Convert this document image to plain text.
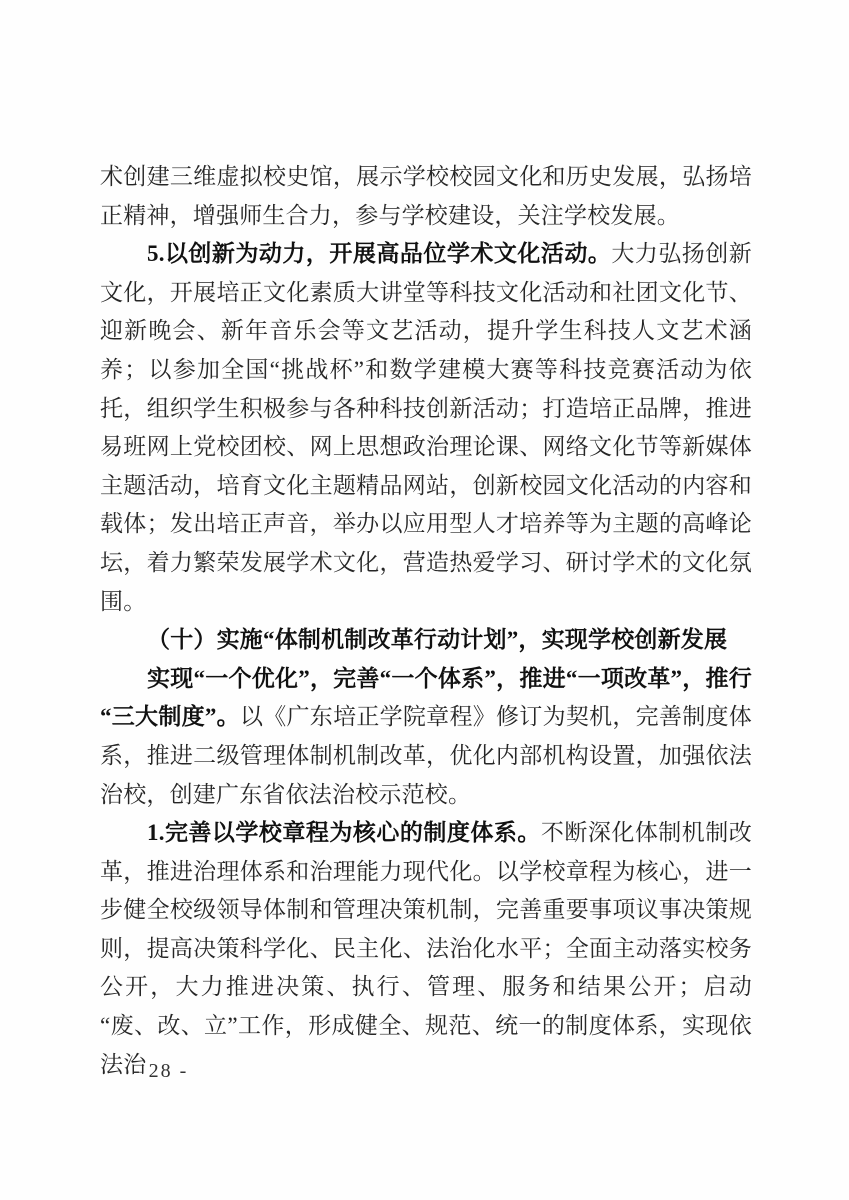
术创建三维虚拟校史馆，展示学校校园文化和历史发展，弘扬培正精神，增强师生合力，参与学校建设，关注学校发展。

5.以创新为动力，开展高品位学术文化活动。大力弘扬创新文化，开展培正文化素质大讲堂等科技文化活动和社团文化节、迎新晚会、新年音乐会等文艺活动，提升学生科技人文艺术涵养；以参加全国“挑战杯”和数学建模大赛等科技竞赛活动为依托，组织学生积极参与各种科技创新活动；打造培正品牌，推进易班网上党校团校、网上思想政治理论课、网络文化节等新媒体主题活动，培育文化主题精品网站，创新校园文化活动的内容和载体；发出培正声音，举办以应用型人才培养等为主题的高峰论坛，着力繁荣发展学术文化，营造热爱学习、研讨学术的文化氛围。

（十）实施“体制机制改革行动计划”，实现学校创新发展

实现“一个优化”，完善“一个体系”，推进“一项改革”，推行“三大制度”。以《广东培正学院章程》修订为契机，完善制度体系，推进二级管理体制机制改革，优化内部机构设置，加强依法治校，创建广东省依法治校示范校。

1.完善以学校章程为核心的制度体系。不断深化体制机制改革，推进治理体系和治理能力现代化。以学校章程为核心，进一步健全校级领导体制和管理决策机制，完善重要事项议事决策规则，提高决策科学化、民主化、法治化水平；全面主动落实校务公开，大力推进决策、执行、管理、服务和结果公开；启动“废、改、立”工作，形成健全、规范、统一的制度体系，实现依法治

- 28 -
